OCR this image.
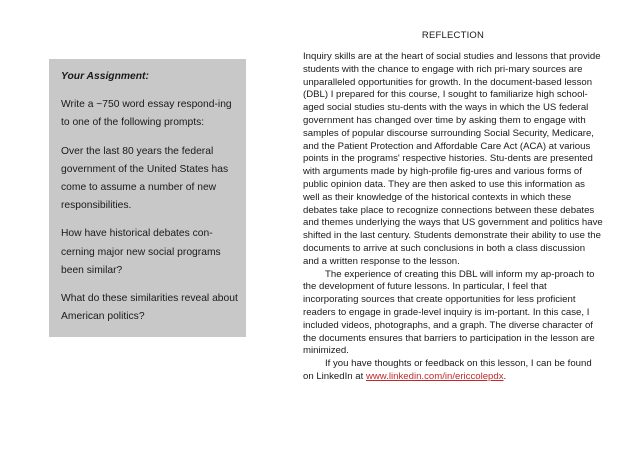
Your Assignment:

Write a ~750 word essay respond-ing to one of the following prompts:

Over the last 80 years the federal government of the United States has come to assume a number of new responsibilities.

How have historical debates con-cerning major new social programs been similar?

What do these similarities reveal about American politics?

REFLECTION

Inquiry skills are at the heart of social studies and lessons that provide students with the chance to engage with rich pri-mary sources are unparalleled opportunities for growth. In the document-based lesson (DBL) I prepared for this course, I sought to familiarize high school-aged social studies stu-dents with the ways in which the US federal government has changed over time by asking them to engage with samples of popular discourse surrounding Social Security, Medicare, and the Patient Protection and Affordable Care Act (ACA) at various points in the programs' respective histories. Stu-dents are presented with arguments made by high-profile fig-ures and various forms of public opinion data. They are then asked to use this information as well as their knowledge of the historical contexts in which these debates take place to recognize connections between these debates and themes underlying the ways that US government and politics have shifted in the last century. Students demonstrate their ability to use the documents to arrive at such conclusions in both a class discussion and a written response to the lesson.

The experience of creating this DBL will inform my ap-proach to the development of future lessons. In particular, I feel that incorporating sources that create opportunities for less proficient readers to engage in grade-level inquiry is im-portant. In this case, I included videos, photographs, and a graph. The diverse character of the documents ensures that barriers to participation in the lesson are minimized.

If you have thoughts or feedback on this lesson, I can be found on LinkedIn at www.linkedin.com/in/ericcolepdx.
